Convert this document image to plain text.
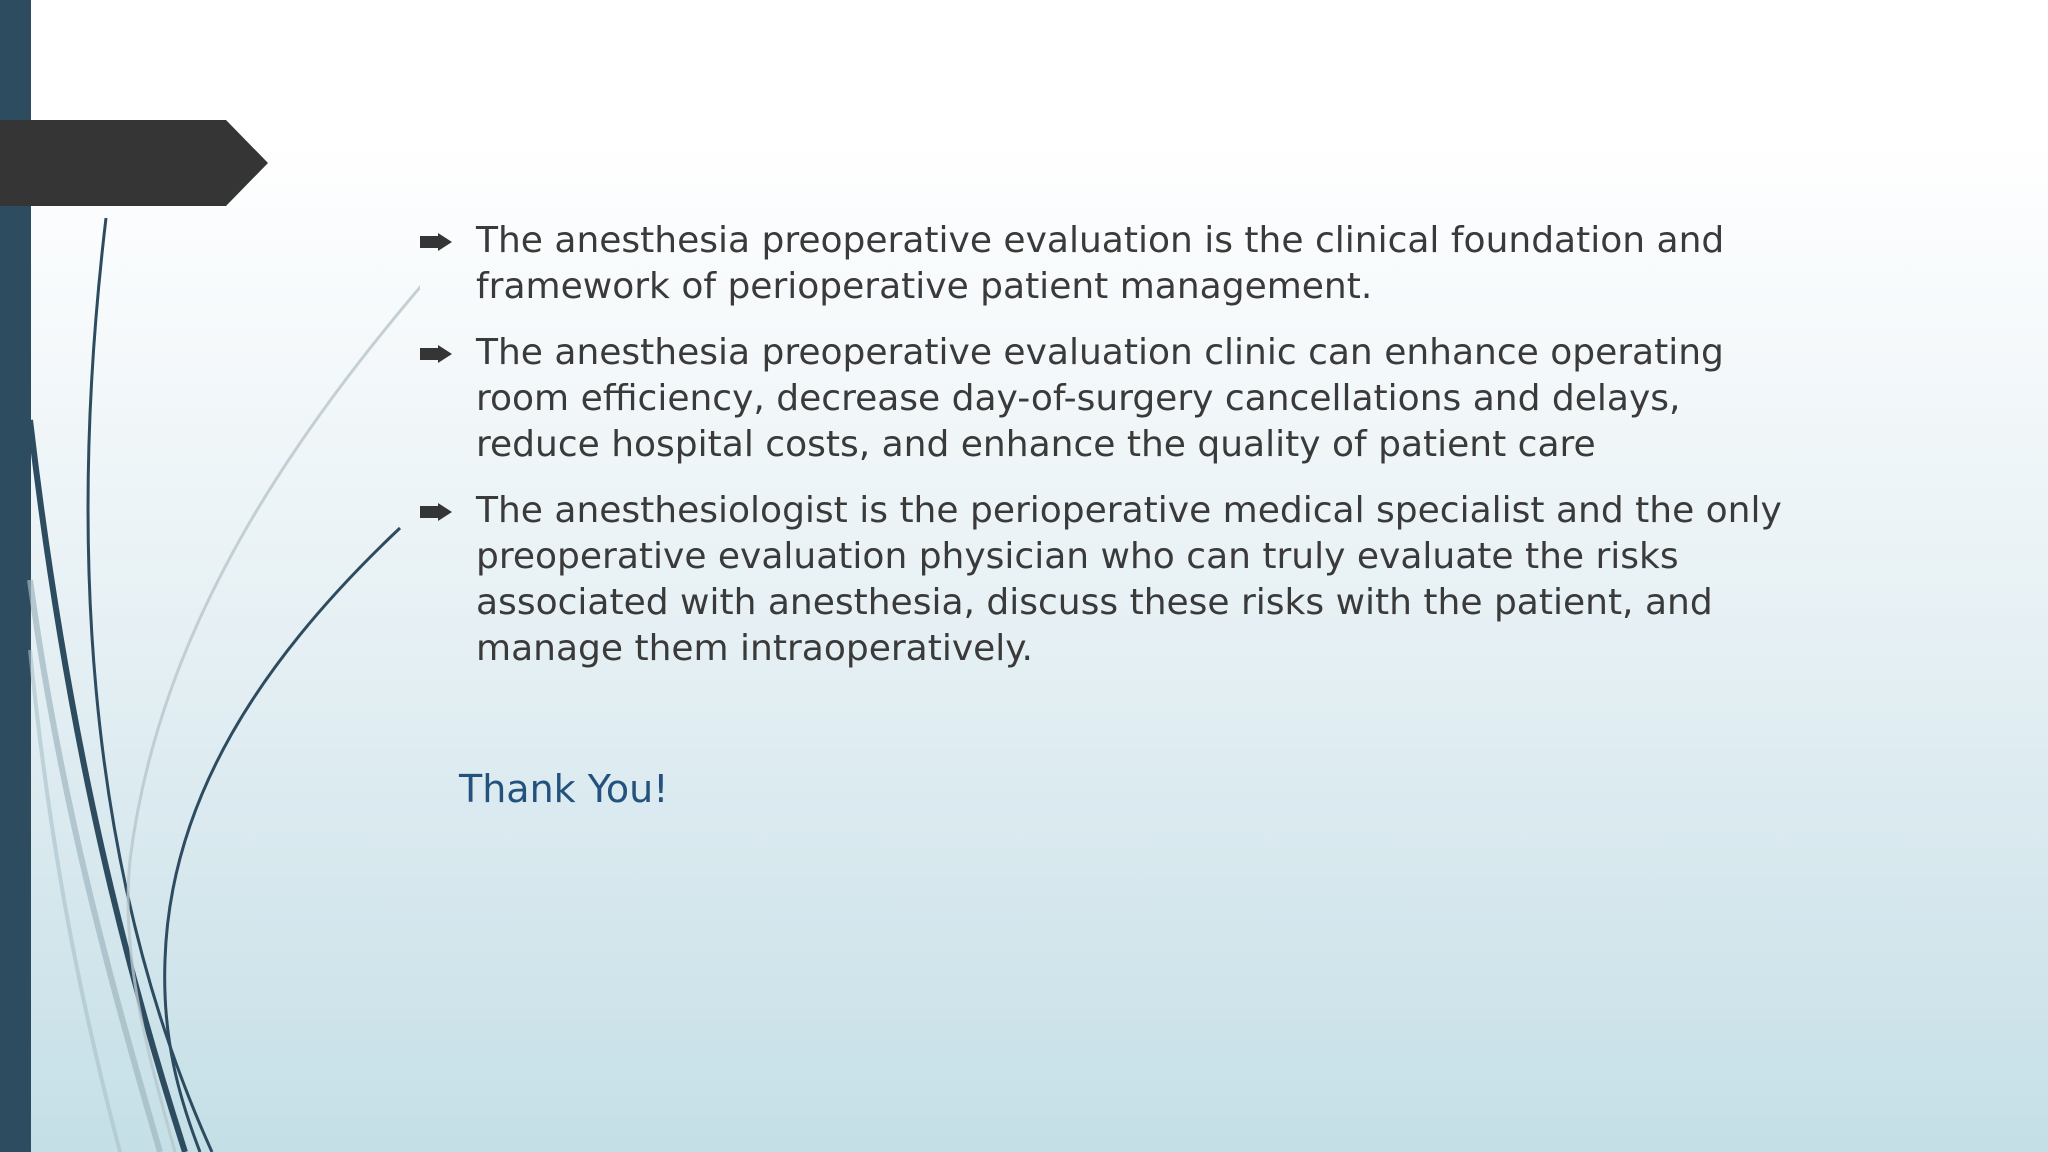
The anesthesia preoperative evaluation is the clinical foundation and framework of perioperative patient management.
The anesthesia preoperative evaluation clinic can enhance operating room efficiency, decrease day-of-surgery cancellations and delays, reduce hospital costs, and enhance the quality of patient care
The anesthesiologist is the perioperative medical specialist and the only preoperative evaluation physician who can truly evaluate the risks associated with anesthesia, discuss these risks with the patient, and manage them intraoperatively.
Thank You!
